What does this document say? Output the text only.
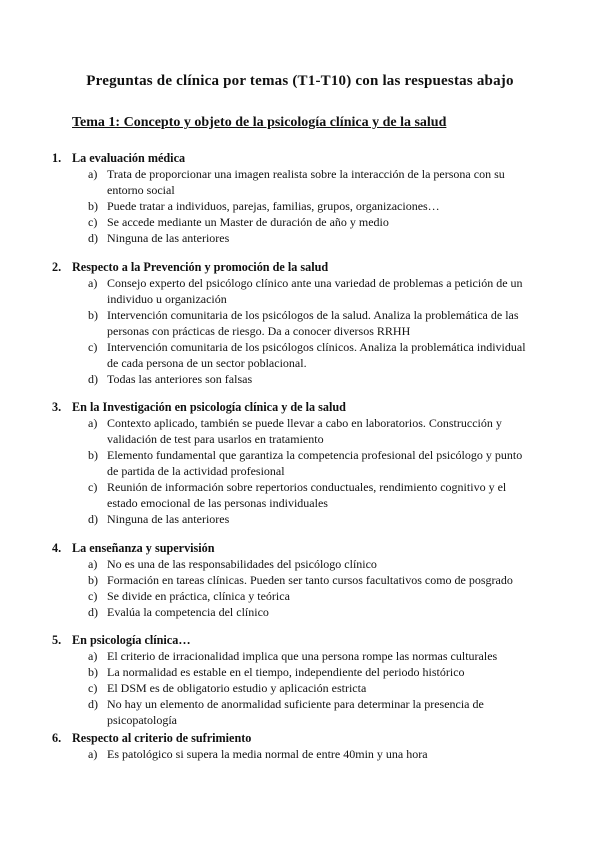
Preguntas de clínica por temas (T1-T10) con las respuestas abajo
Tema 1: Concepto y objeto de la psicología clínica y de la salud
1. La evaluación médica
a) Trata de proporcionar una imagen realista sobre la interacción de la persona con su entorno social
b) Puede tratar a individuos, parejas, familias, grupos, organizaciones…
c) Se accede mediante un Master de duración de año y medio
d) Ninguna de las anteriores
2. Respecto a la Prevención y promoción de la salud
a) Consejo experto del psicólogo clínico ante una variedad de problemas a petición de un individuo u organización
b) Intervención comunitaria de los psicólogos de la salud. Analiza la problemática de las personas con prácticas de riesgo. Da a conocer diversos RRHH
c) Intervención comunitaria de los psicólogos clínicos. Analiza la problemática individual de cada persona de un sector poblacional.
d) Todas las anteriores son falsas
3. En la Investigación en psicología clínica y de la salud
a) Contexto aplicado, también se puede llevar a cabo en laboratorios. Construcción y validación de test para usarlos en tratamiento
b) Elemento fundamental que garantiza la competencia profesional del psicólogo y punto de partida de la actividad profesional
c) Reunión de información sobre repertorios conductuales, rendimiento cognitivo y el estado emocional de las personas individuales
d) Ninguna de las anteriores
4. La enseñanza y supervisión
a) No es una de las responsabilidades del psicólogo clínico
b) Formación en tareas clínicas. Pueden ser tanto cursos facultativos como de posgrado
c) Se divide en práctica, clínica y teórica
d) Evalúa la competencia del clínico
5. En psicología clínica…
a) El criterio de irracionalidad implica que una persona rompe las normas culturales
b) La normalidad es estable en el tiempo, independiente del periodo histórico
c) El DSM es de obligatorio estudio y aplicación estricta
d) No hay un elemento de anormalidad suficiente para determinar la presencia de psicopatología
6. Respecto al criterio de sufrimiento
a) Es patológico si supera la media normal de entre 40min y una hora
